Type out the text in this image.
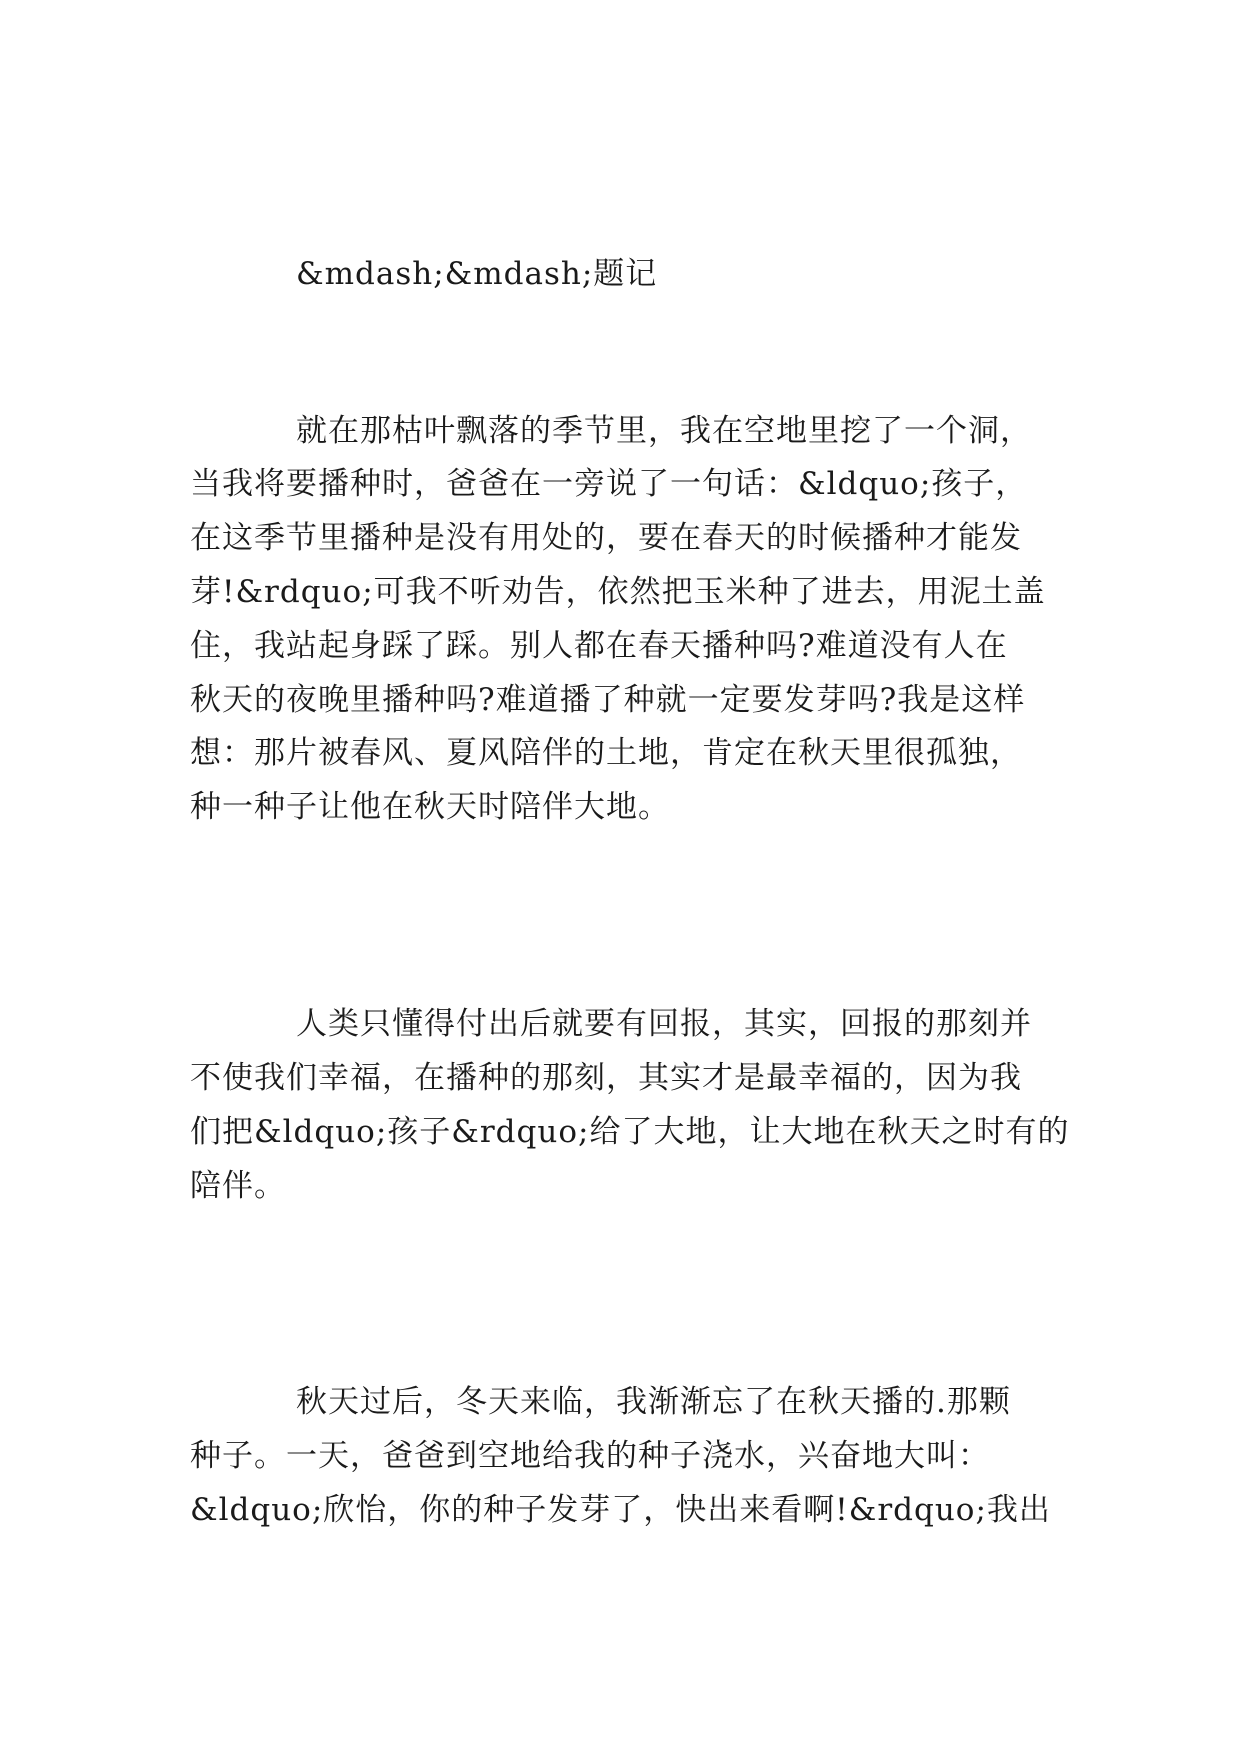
&mdash;&mdash;题记
就在那枯叶飘落的季节里，我在空地里挖了一个洞，
当我将要播种时，爸爸在一旁说了一句话：&ldquo;孩子，
在这季节里播种是没有用处的，要在春天的时候播种才能发
芽!&rdquo;可我不听劝告，依然把玉米种了进去，用泥土盖
住，我站起身踩了踩。别人都在春天播种吗?难道没有人在
秋天的夜晚里播种吗?难道播了种就一定要发芽吗?我是这样
想：那片被春风、夏风陪伴的土地，肯定在秋天里很孤独，
种一种子让他在秋天时陪伴大地。
人类只懂得付出后就要有回报，其实，回报的那刻并
不使我们幸福，在播种的那刻，其实才是最幸福的，因为我
们把&ldquo;孩子&rdquo;给了大地，让大地在秋天之时有的
陪伴。
秋天过后，冬天来临，我渐渐忘了在秋天播的.那颗
种子。一天，爸爸到空地给我的种子浇水，兴奋地大叫：
&ldquo;欣怡，你的种子发芽了，快出来看啊!&rdquo;我出
